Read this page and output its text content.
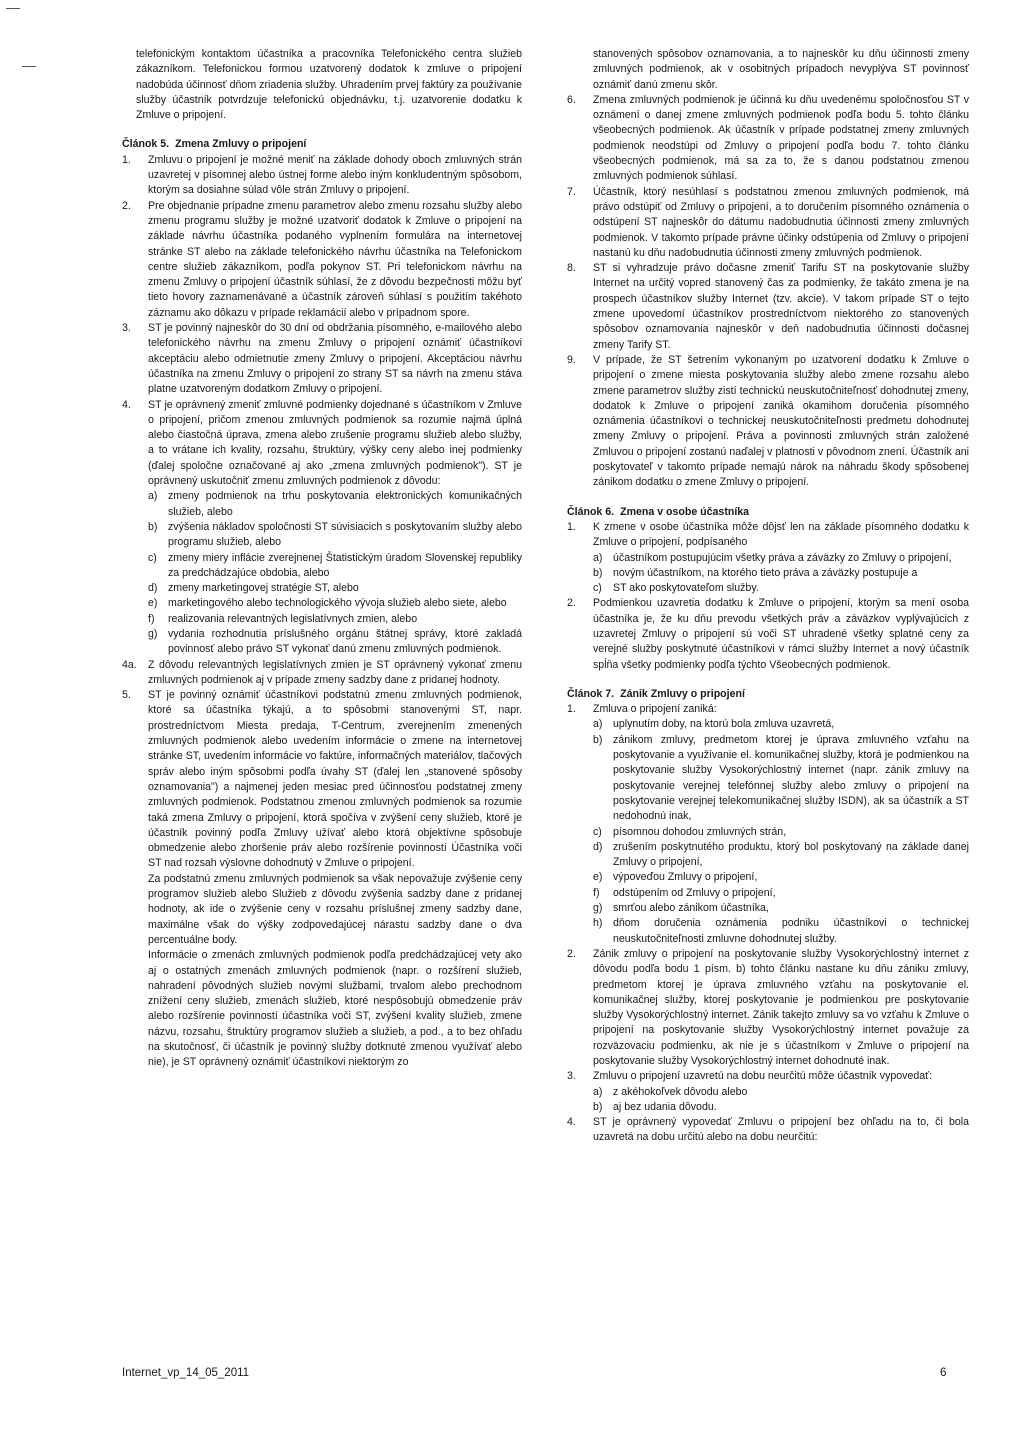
telefonickým kontaktom účastníka a pracovníka Telefonického centra služieb zákazníkom. Telefonickou formou uzatvorený dodatok k zmluve o pripojení nadobúda účinnosť dňom zriadenia služby. Uhradením prvej faktúry za používanie služby účastník potvrdzuje telefonickú objednávku, t.j. uzatvorenie dodatku k Zmluve o pripojení.

Článok 5. Zmena Zmluvy o pripojení
1.	Zmluvu o pripojení je možné meniť na základe dohody oboch zmluvných strán uzavretej v písomnej alebo ústnej forme alebo iným konkludentným spôsobom, ktorým sa dosiahne súlad vôle strán Zmluvy o pripojení.
2.	Pre objednanie prípadne zmenu parametrov alebo zmenu rozsahu služby alebo zmenu programu služby je možné uzatvoriť dodatok k Zmluve o pripojení na základe návrhu účastníka podaného vyplnením formulára na internetovej stránke ST alebo na základe telefonického návrhu účastníka na Telefonickom centre služieb zákazníkom, podľa pokynov ST. Pri telefonickom návrhu na zmenu Zmluvy o pripojení účastník súhlasí, že z dôvodu bezpečnosti môžu byť tieto hovory zaznamenávané a účastník zároveň súhlasí s použitím takéhoto záznamu ako dôkazu v prípade reklamácií alebo v prípadnom spore.
3.	ST je povinný najneskôr do 30 dní od obdržania písomného, e-mailového alebo telefonického návrhu na zmenu Zmluvy o pripojení oznámiť účastníkovi akceptáciu alebo odmietnutie zmeny Zmluvy o pripojení. Akceptáciou návrhu účastníka na zmenu Zmluvy o pripojení zo strany ST sa návrh na zmenu stáva platne uzatvoreným dodatkom Zmluvy o pripojení.
4.	ST je oprávnený zmeniť zmluvné podmienky dojednané s účastníkom v Zmluve o pripojení, pričom zmenou zmluvných podmienok sa rozumie najmä úplná alebo čiastočná úprava, zmena alebo zrušenie programu služieb alebo služby, a to vrátane ich kvality, rozsahu, štruktúry, výšky ceny alebo inej podmienky (ďalej spoločne označované aj ako „zmena zmluvných podmienok"). ST je oprávnený uskutočniť zmenu zmluvných podmienok z dôvodu:
a) zmeny podmienok na trhu poskytovania elektronických komunikačných služieb, alebo
b) zvýšenia nákladov spoločnosti ST súvisiacich s poskytovaním služby alebo programu služieb, alebo
c)	zmeny miery inflácie zverejnenej Štatistickým úradom Slovenskej republiky za predchádzajúce obdobia, alebo
d) zmeny marketingovej stratégie ST, alebo
e) marketingového alebo technologického vývoja služieb alebo siete, alebo
f)	realizovania relevantných legislatívnych zmien, alebo
g) vydania rozhodnutia príslušného orgánu štátnej správy, ktoré zakladá povinnosť alebo právo ST vykonať danú zmenu zmluvných podmienok.
4a.	Z dôvodu relevantných legislatívnych zmien je ST oprávnený vykonať zmenu zmluvných podmienok aj v prípade zmeny sadzby dane z pridanej hodnoty.
5.	ST je povinný oznámiť účastníkovi podstatnú zmenu zmluvných podmienok, ktoré sa účastníka týkajú, a to spôsobmi stanovenými ST, napr. prostredníctvom Miesta predaja, T-Centrum, zverejnením zmenených zmluvných podmienok alebo uvedením informácie o zmene na internetovej stránke ST, uvedením informácie vo faktúre, informačných materiálov, tlačových správ alebo iným spôsobmi podľa úvahy ST (ďalej len „stanovené spôsoby oznamovania") a najmenej jeden mesiac pred účinnosťou podstatnej zmeny zmluvných podmienok. Podstatnou zmenou zmluvných podmienok sa rozumie taká zmena Zmluvy o pripojení, ktorá spočíva v zvýšení ceny služieb, ktoré je účastník povinný podľa Zmluvy užívať alebo ktorá objektívne spôsobuje obmedzenie alebo zhoršenie práv alebo rozšírenie povinností Účastníka voči ST nad rozsah výslovne dohodnutý v Zmluve o pripojení.
Za podstatnú zmenu zmluvných podmienok sa však nepovažuje zvýšenie ceny programov služieb alebo Služieb z dôvodu zvýšenia sadzby dane z pridanej hodnoty, ak ide o zvýšenie ceny v rozsahu príslušnej zmeny sadzby dane, maximálne však do výšky zodpovedajúcej nárastu sadzby dane o dva percentuálne body.
Informácie o zmenách zmluvných podmienok podľa predchádzajúcej vety ako aj o ostatných zmenách zmluvných podmienok (napr. o rozšírení služieb, nahradení pôvodných služieb novými službami, trvalom alebo prechodnom znížení ceny služieb, zmenách služieb, ktoré nespôsobujú obmedzenie práv alebo rozšírenie povinností účastníka voči ST, zvýšení kvality služieb, zmene názvu, rozsahu, štruktúry programov služieb a služieb, a pod., a to bez ohľadu na skutočnosť, či účastník je povinný služby dotknuté zmenou využívať alebo nie), je ST oprávnený oznámiť účastníkovi niektorým zo
stanovených spôsobov oznamovania, a to najneskôr ku dňu účinnosti zmeny zmluvných podmienok, ak v osobitných prípadoch nevyplýva ST povinnosť oznámiť danú zmenu skôr.
6.	Zmena zmluvných podmienok je účinná ku dňu uvedenému spoločnosťou ST v oznámení o danej zmene zmluvných podmienok podľa bodu 5. tohto článku všeobecných podmienok. Ak účastník v prípade podstatnej zmeny zmluvných podmienok neodstúpi od Zmluvy o pripojení podľa bodu 7. tohto článku všeobecných podmienok, má sa za to, že s danou podstatnou zmenou zmluvných podmienok súhlasí.
7.	Účastník, ktorý nesúhlasí s podstatnou zmenou zmluvných podmienok, má právo odstúpiť od Zmluvy o pripojení, a to doručením písomného oznámenia o odstúpení ST najneskôr do dátumu nadobudnutia účinnosti zmeny zmluvných podmienok. V takomto prípade právne účinky odstúpenia od Zmluvy o pripojení nastanú ku dňu nadobudnutia účinnosti zmeny zmluvných podmienok.
8.	ST si vyhradzuje právo dočasne zmeniť Tarifu ST na poskytovanie služby Internet na určitý vopred stanovený čas za podmienky, že takáto zmena je na prospech účastníkov služby Internet (tzv. akcie). V takom prípade ST o tejto zmene upovedomí účastníkov prostredníctvom niektorého zo stanovených spôsobov oznamovania najneskôr v deň nadobudnutia účinnosti dočasnej zmeny Tarify ST.
9.	V prípade, že ST šetrením vykonaným po uzatvorení dodatku k Zmluve o pripojení o zmene miesta poskytovania služby alebo zmene rozsahu alebo zmene parametrov služby zistí technickú neuskutočniteľnosť dohodnutej zmeny, dodatok k Zmluve o pripojení zaniká okamihom doručenia písomného oznámenia účastníkovi o technickej neuskutočniteľnosti predmetu dohodnutej zmeny Zmluvy o pripojení. Práva a povinnosti zmluvných strán založené Zmluvou o pripojení zostanú naďalej v platnosti v pôvodnom znení. Účastník ani poskytovateľ v takomto prípade nemajú nárok na náhradu škody spôsobenej zánikom dodatku o zmene Zmluvy o pripojení.
Článok 6. Zmena v osobe účastníka
1.	K zmene v osobe účastníka môže dôjsť len na základe písomného dodatku k Zmluve o pripojení, podpísaného
a) účastníkom postupujúcim všetky práva a záväzky zo Zmluvy o pripojení,
b) novým účastníkom, na ktorého tieto práva a záväzky postupuje a
c)	ST ako poskytovateľom služby.
2.	Podmienkou uzavretia dodatku k Zmluve o pripojení, ktorým sa mení osoba účastníka je, že ku dňu prevodu všetkých práv a záväzkov vyplývajúcich z uzavretej Zmluvy o pripojení sú voči ST uhradené všetky splatné ceny za verejné služby poskytnuté účastníkovi v rámci služby Internet a nový účastník spĺňa všetky podmienky podľa týchto Všeobecných podmienok.
Článok 7. Zánik Zmluvy o pripojení
1.	Zmluva o pripojení zaniká:
a) uplynutím doby, na ktorú bola zmluva uzavretá,
b) zánikom zmluvy, predmetom ktorej je úprava zmluvného vzťahu na poskytovanie a využívanie el. komunikačnej služby, ktorá je podmienkou na poskytovanie služby Vysokorýchlostný internet (napr. zánik zmluvy na poskytovanie verejnej telefónnej služby alebo zmluvy o pripojení na poskytovanie verejnej telekomunikačnej služby ISDN), ak sa účastník a ST nedohodnú inak,
c)	písomnou dohodou zmluvných strán,
d) zrušením poskytnutého produktu, ktorý bol poskytovaný na základe danej Zmluvy o pripojení,
e) výpoveďou Zmluvy o pripojení,
f)	odstúpením od Zmluvy o pripojení,
g) smrťou alebo zánikom účastníka,
h) dňom doručenia oznámenia podniku účastníkovi o technickej neuskutočniteľnosti zmluvne dohodnutej služby.
2.	Zánik zmluvy o pripojení na poskytovanie služby Vysokorýchlostný internet z dôvodu podľa bodu 1 písm. b) tohto článku nastane ku dňu zániku zmluvy, predmetom ktorej je úprava zmluvného vzťahu na poskytovanie el. komunikačnej služby, ktorej poskytovanie je podmienkou pre poskytovanie služby Vysokorýchlostný internet. Zánik takejto zmluvy sa vo vzťahu k Zmluve o pripojení na poskytovanie služby Vysokorýchlostný internet považuje za rozväzovaciu podmienku, ak nie je s účastníkom v Zmluve o pripojení na poskytovanie služby Vysokorýchlostný internet dohodnuté inak.
3.	Zmluvu o pripojení uzavretú na dobu neurčitú môže účastník vypovedať:
a) z akéhokoľvek dôvodu alebo
b) aj bez udania dôvodu.
4.	ST je oprávnený vypovedať Zmluvu o pripojení bez ohľadu na to, či bola uzavretá na dobu určitú alebo na dobu neurčitú:
Internet_vp_14_05_2011	6
